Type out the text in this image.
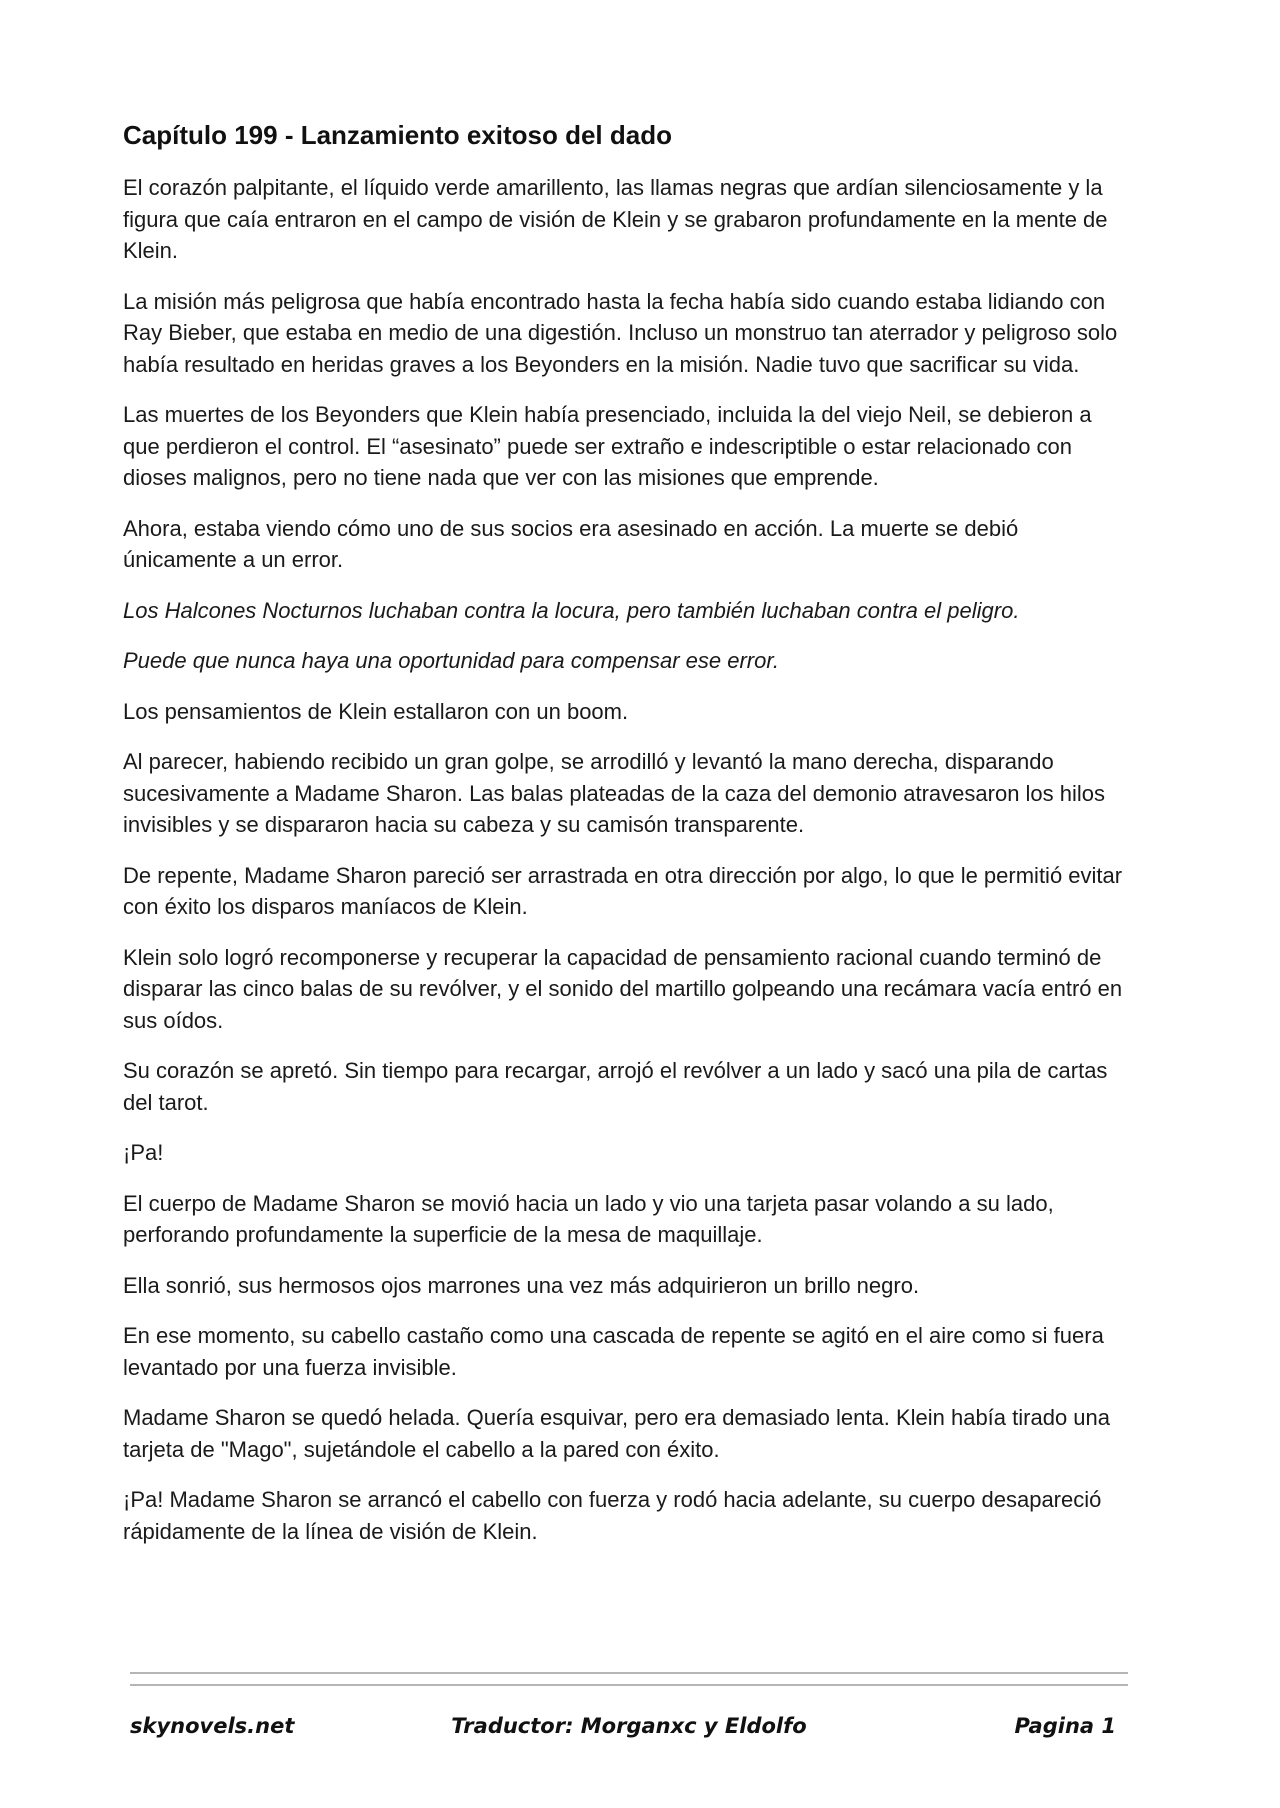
Capítulo 199 - Lanzamiento exitoso del dado

El corazón palpitante, el líquido verde amarillento, las llamas negras que ardían silenciosamente y la figura que caía entraron en el campo de visión de Klein y se grabaron profundamente en la mente de Klein.

La misión más peligrosa que había encontrado hasta la fecha había sido cuando estaba lidiando con Ray Bieber, que estaba en medio de una digestión. Incluso un monstruo tan aterrador y peligroso solo había resultado en heridas graves a los Beyonders en la misión. Nadie tuvo que sacrificar su vida.

Las muertes de los Beyonders que Klein había presenciado, incluida la del viejo Neil, se debieron a que perdieron el control. El “asesinato” puede ser extraño e indescriptible o estar relacionado con dioses malignos, pero no tiene nada que ver con las misiones que emprende.

Ahora, estaba viendo cómo uno de sus socios era asesinado en acción. La muerte se debió únicamente a un error.

Los Halcones Nocturnos luchaban contra la locura, pero también luchaban contra el peligro.

Puede que nunca haya una oportunidad para compensar ese error.

Los pensamientos de Klein estallaron con un boom.

Al parecer, habiendo recibido un gran golpe, se arrodilló y levantó la mano derecha, disparando sucesivamente a Madame Sharon. Las balas plateadas de la caza del demonio atravesaron los hilos invisibles y se dispararon hacia su cabeza y su camisón transparente.

De repente, Madame Sharon pareció ser arrastrada en otra dirección por algo, lo que le permitió evitar con éxito los disparos maníacos de Klein.

Klein solo logró recomponerse y recuperar la capacidad de pensamiento racional cuando terminó de disparar las cinco balas de su revólver, y el sonido del martillo golpeando una recámara vacía entró en sus oídos.

Su corazón se apretó. Sin tiempo para recargar, arrojó el revólver a un lado y sacó una pila de cartas del tarot.

¡Pa!

El cuerpo de Madame Sharon se movió hacia un lado y vio una tarjeta pasar volando a su lado, perforando profundamente la superficie de la mesa de maquillaje.

Ella sonrió, sus hermosos ojos marrones una vez más adquirieron un brillo negro.

En ese momento, su cabello castaño como una cascada de repente se agitó en el aire como si fuera levantado por una fuerza invisible.

Madame Sharon se quedó helada. Quería esquivar, pero era demasiado lenta. Klein había tirado una tarjeta de "Mago", sujetándole el cabello a la pared con éxito.

¡Pa! Madame Sharon se arrancó el cabello con fuerza y rodó hacia adelante, su cuerpo desapareció rápidamente de la línea de visión de Klein.

skynovels.net	Traductor: Morganxc y Eldolfo	Pagina 1
